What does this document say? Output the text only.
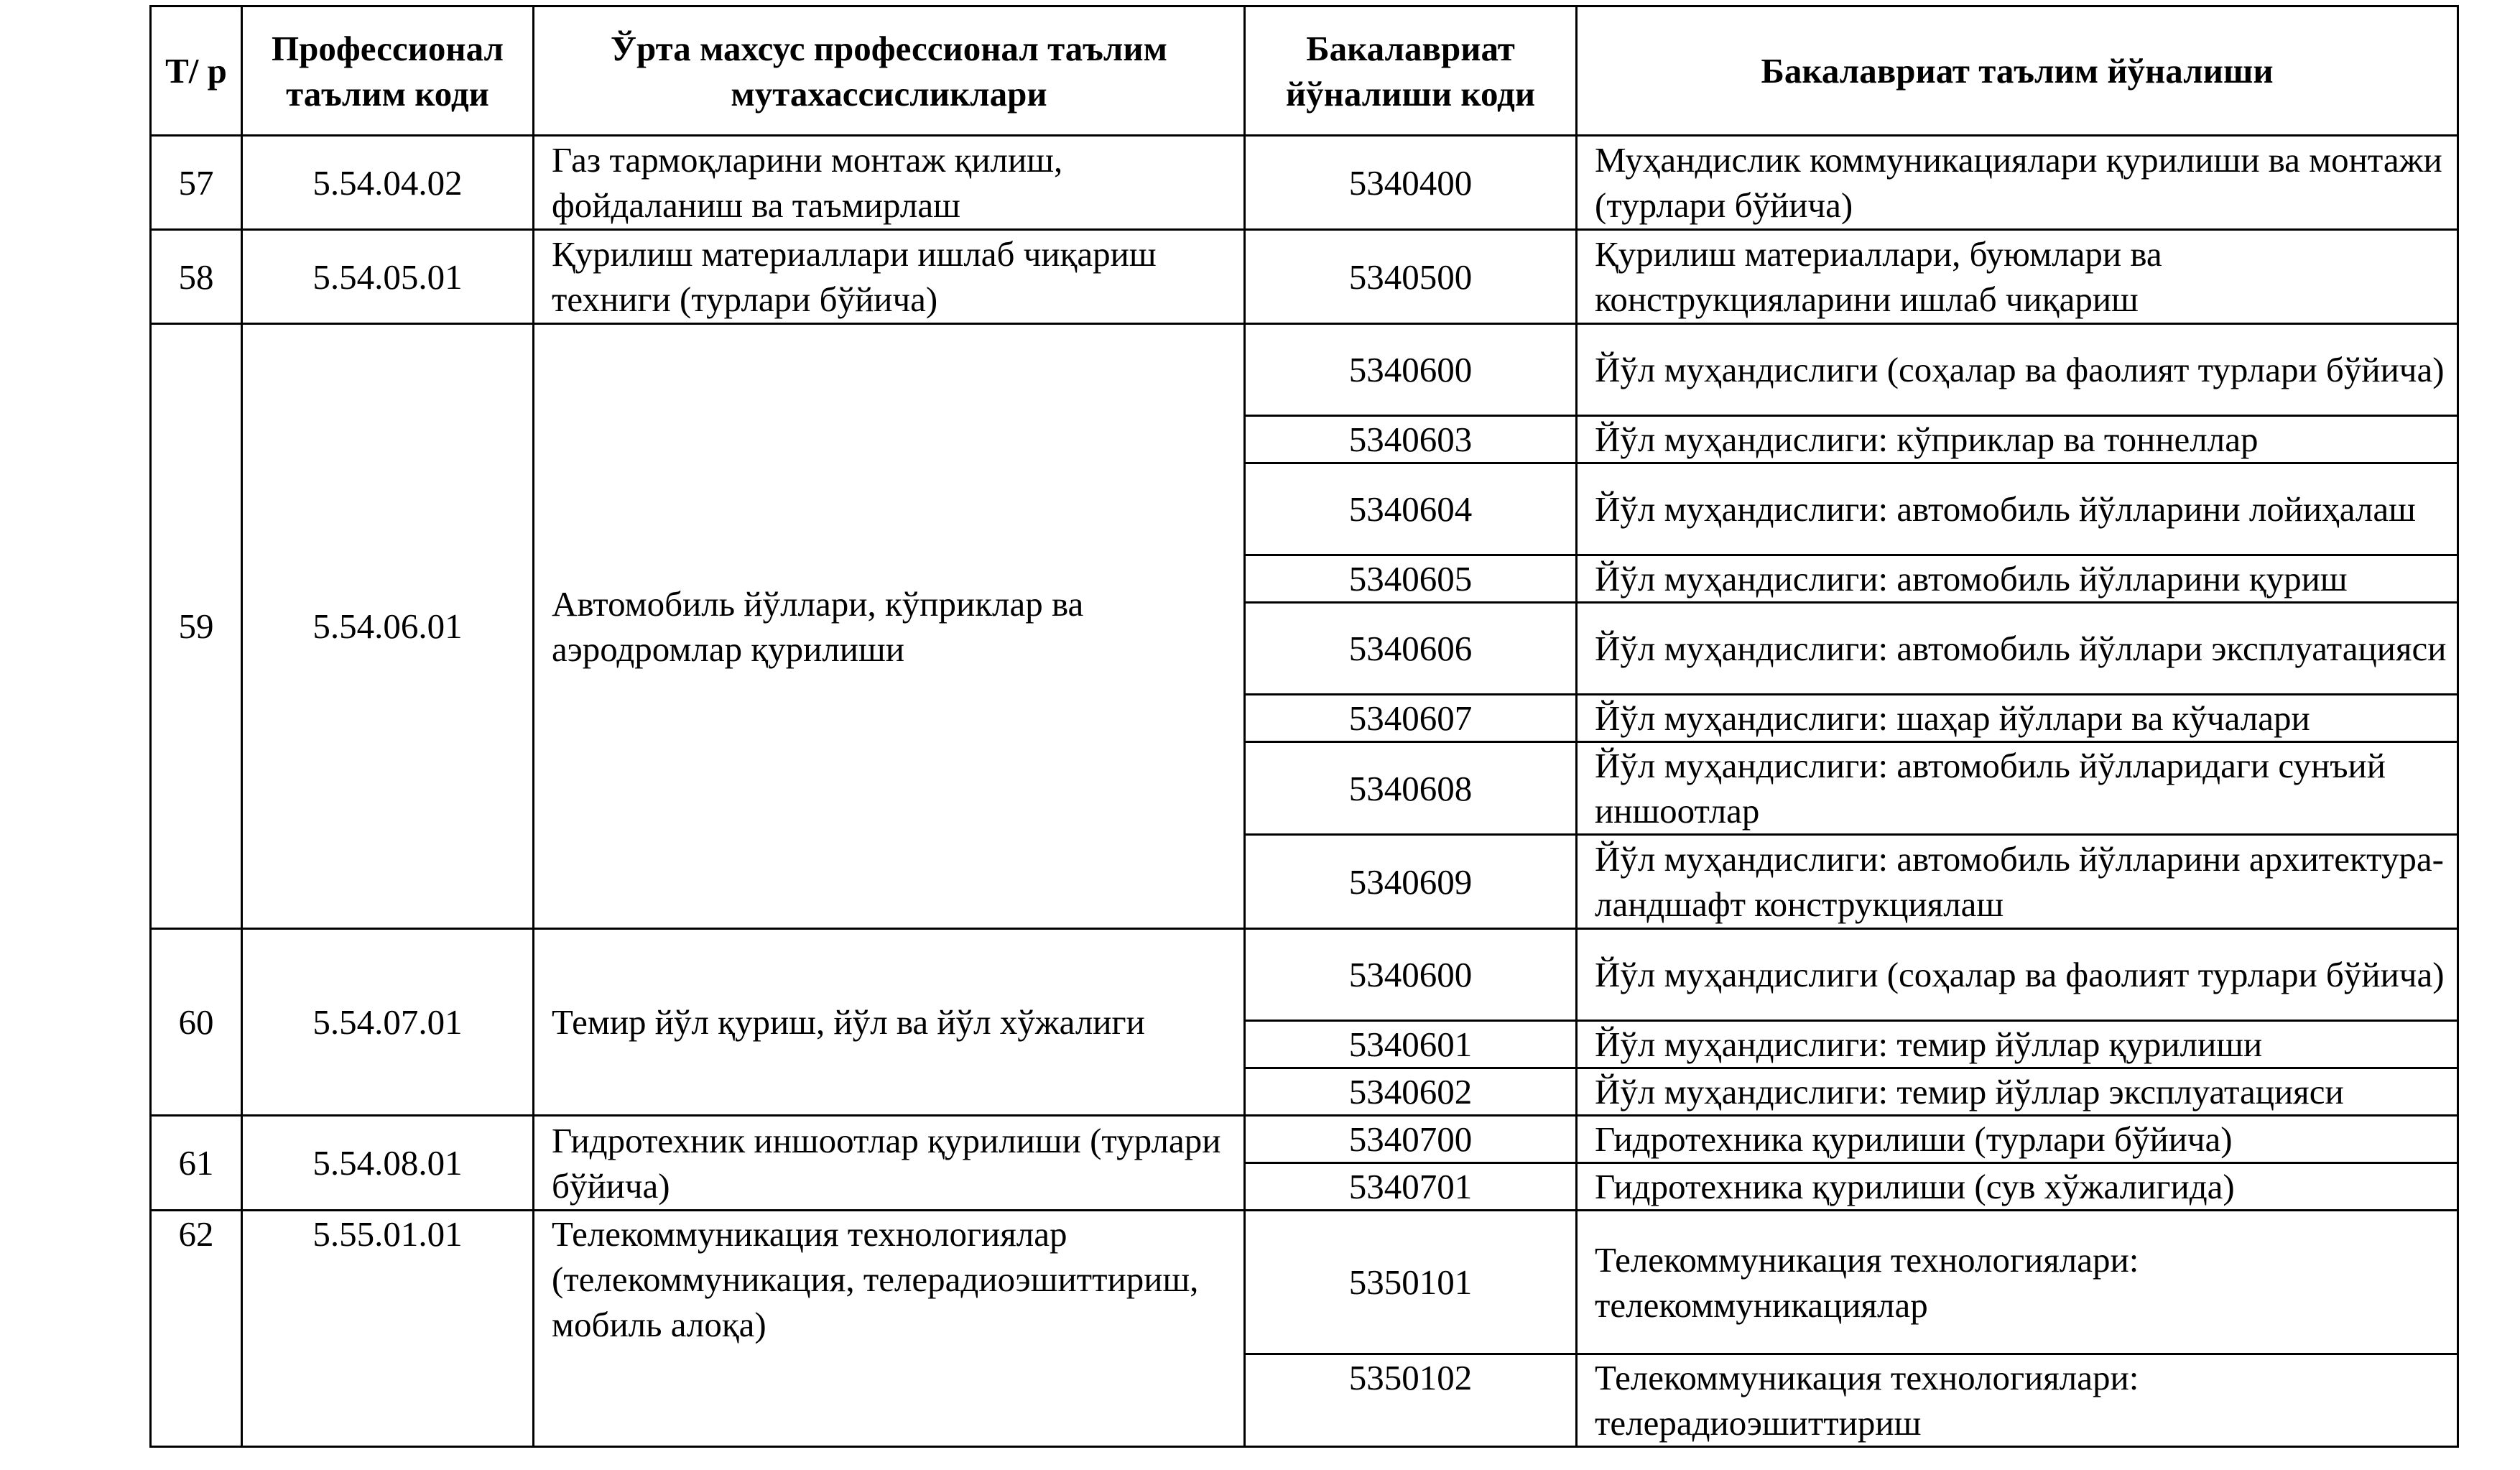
Т/ р	Профессионал таълим коди	Ўрта махсус профессионал таълим мутахассисликлари	Бакалавриат йўналиши коди	Бакалавриат таълим йўналиши
57	5.54.04.02	Газ тармоқларини монтаж қилиш, фойдаланиш ва таъмирлаш	5340400	Муҳандислик коммуникациялари қурилиши ва монтажи (турлари бўйича)
58	5.54.05.01	Қурилиш материаллари ишлаб чиқариш техниги (турлари бўйича)	5340500	Қурилиш материаллари, буюмлари ва конструкцияларини ишлаб чиқариш
59	5.54.06.01	Автомобиль йўллари, кўприклар ва аэродромлар қурилиши	5340600	Йўл муҳандислиги (соҳалар ва фаолият турлари бўйича)
			5340603	Йўл муҳандислиги: кўприклар ва тоннеллар
			5340604	Йўл муҳандислиги: автомобиль йўлларини лойиҳалаш
			5340605	Йўл муҳандислиги: автомобиль йўлларини қуриш
			5340606	Йўл муҳандислиги: автомобиль йўллари эксплуатацияси
			5340607	Йўл муҳандислиги: шаҳар йўллари ва кўчалари
			5340608	Йўл муҳандислиги: автомобиль йўлларидаги сунъий иншоотлар
			5340609	Йўл муҳандислиги: автомобиль йўлларини архитектура-ландшафт конструкциялаш
60	5.54.07.01	Темир йўл қуриш, йўл ва йўл хўжалиги	5340600	Йўл муҳандислиги (соҳалар ва фаолият турлари бўйича)
			5340601	Йўл муҳандислиги: темир йўллар қурилиши
			5340602	Йўл муҳандислиги: темир йўллар эксплуатацияси
61	5.54.08.01	Гидротехник иншоотлар қурилиши (турлари бўйича)	5340700	Гидротехника қурилиши (турлари бўйича)
			5340701	Гидротехника қурилиши (сув хўжалигида)
62	5.55.01.01	Телекоммуникация технологиялар (телекоммуникация, телерадиоэшиттириш, мобиль алоқа)	5350101	Телекоммуникация технологиялари: телекоммуникациялар
			5350102	Телекоммуникация технологиялари: телерадиоэшиттириш
